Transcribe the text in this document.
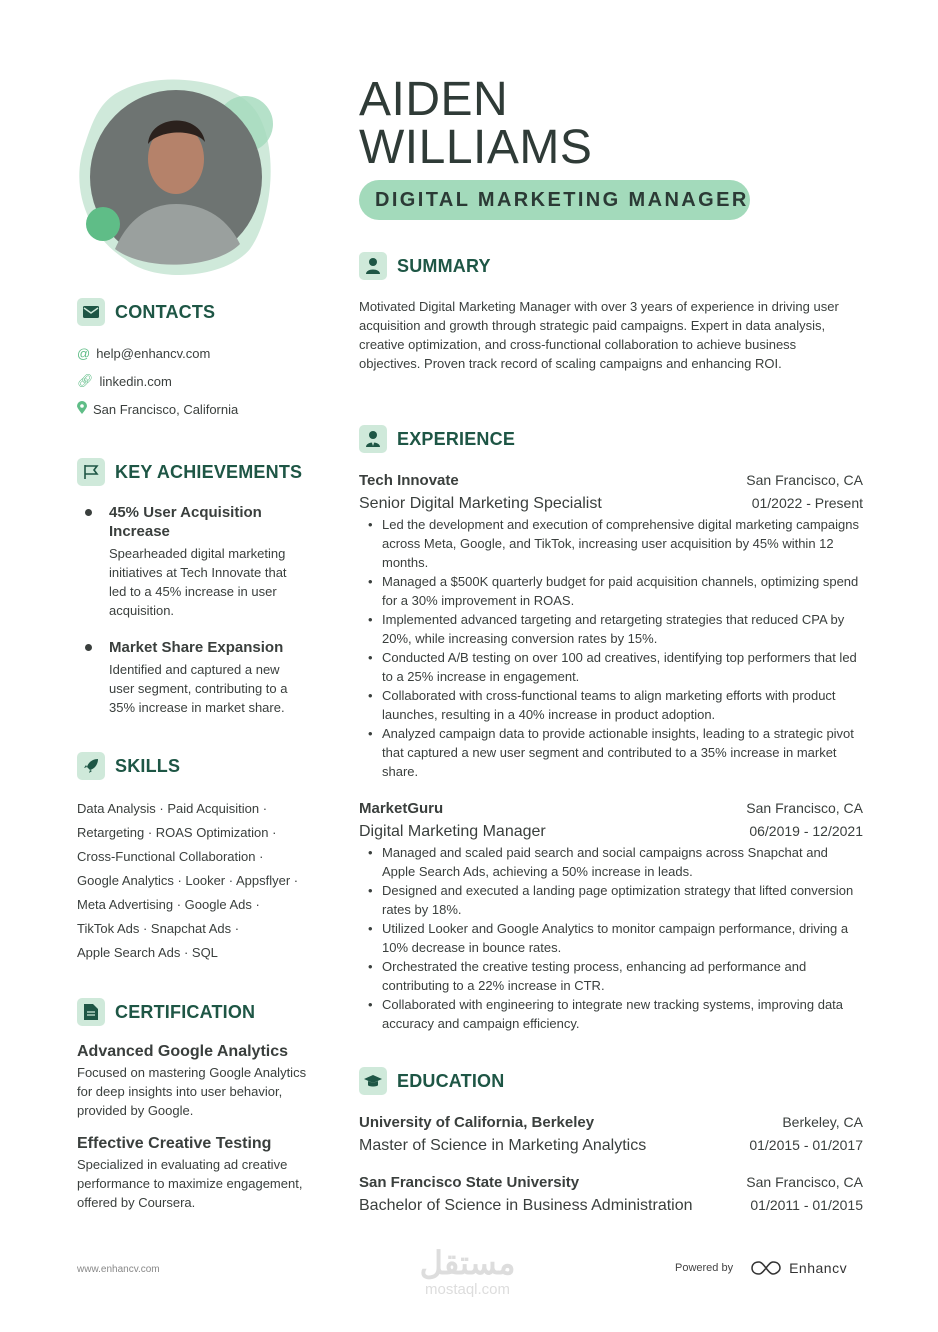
AIDEN
WILLIAMS
DIGITAL MARKETING MANAGER
CONTACTS
@ help@enhancv.com
🔗︎ linkedin.com
San Francisco, California
KEY ACHIEVEMENTS
45% User Acquisition Increase
Spearheaded digital marketing initiatives at Tech Innovate that led to a 45% increase in user acquisition.
Market Share Expansion
Identified and captured a new user segment, contributing to a 35% increase in market share.
SKILLS
Data Analysis · Paid Acquisition ·
Retargeting · ROAS Optimization ·
Cross-Functional Collaboration ·
Google Analytics · Looker · Appsflyer ·
Meta Advertising · Google Ads ·
TikTok Ads · Snapchat Ads ·
Apple Search Ads · SQL
CERTIFICATION
Advanced Google Analytics
Focused on mastering Google Analytics for deep insights into user behavior, provided by Google.
Effective Creative Testing
Specialized in evaluating ad creative performance to maximize engagement, offered by Coursera.
SUMMARY
Motivated Digital Marketing Manager with over 3 years of experience in driving user acquisition and growth through strategic paid campaigns. Expert in data analysis, creative optimization, and cross-functional collaboration to achieve business objectives. Proven track record of scaling campaigns and enhancing ROI.
EXPERIENCE
Tech Innovate	San Francisco, CA
Senior Digital Marketing Specialist	01/2022 - Present
• Led the development and execution of comprehensive digital marketing campaigns across Meta, Google, and TikTok, increasing user acquisition by 45% within 12 months.
• Managed a $500K quarterly budget for paid acquisition channels, optimizing spend for a 30% improvement in ROAS.
• Implemented advanced targeting and retargeting strategies that reduced CPA by 20%, while increasing conversion rates by 15%.
• Conducted A/B testing on over 100 ad creatives, identifying top performers that led to a 25% increase in engagement.
• Collaborated with cross-functional teams to align marketing efforts with product launches, resulting in a 40% increase in product adoption.
• Analyzed campaign data to provide actionable insights, leading to a strategic pivot that captured a new user segment and contributed to a 35% increase in market share.
MarketGuru	San Francisco, CA
Digital Marketing Manager	06/2019 - 12/2021
• Managed and scaled paid search and social campaigns across Snapchat and Apple Search Ads, achieving a 50% increase in leads.
• Designed and executed a landing page optimization strategy that lifted conversion rates by 18%.
• Utilized Looker and Google Analytics to monitor campaign performance, driving a 10% decrease in bounce rates.
• Orchestrated the creative testing process, enhancing ad performance and contributing to a 22% increase in CTR.
• Collaborated with engineering to integrate new tracking systems, improving data accuracy and campaign efficiency.
EDUCATION
University of California, Berkeley	Berkeley, CA
Master of Science in Marketing Analytics	01/2015 - 01/2017
San Francisco State University	San Francisco, CA
Bachelor of Science in Business Administration	01/2011 - 01/2015
www.enhancv.com	مستقل
mostaql.com
Powered by	Enhancv
